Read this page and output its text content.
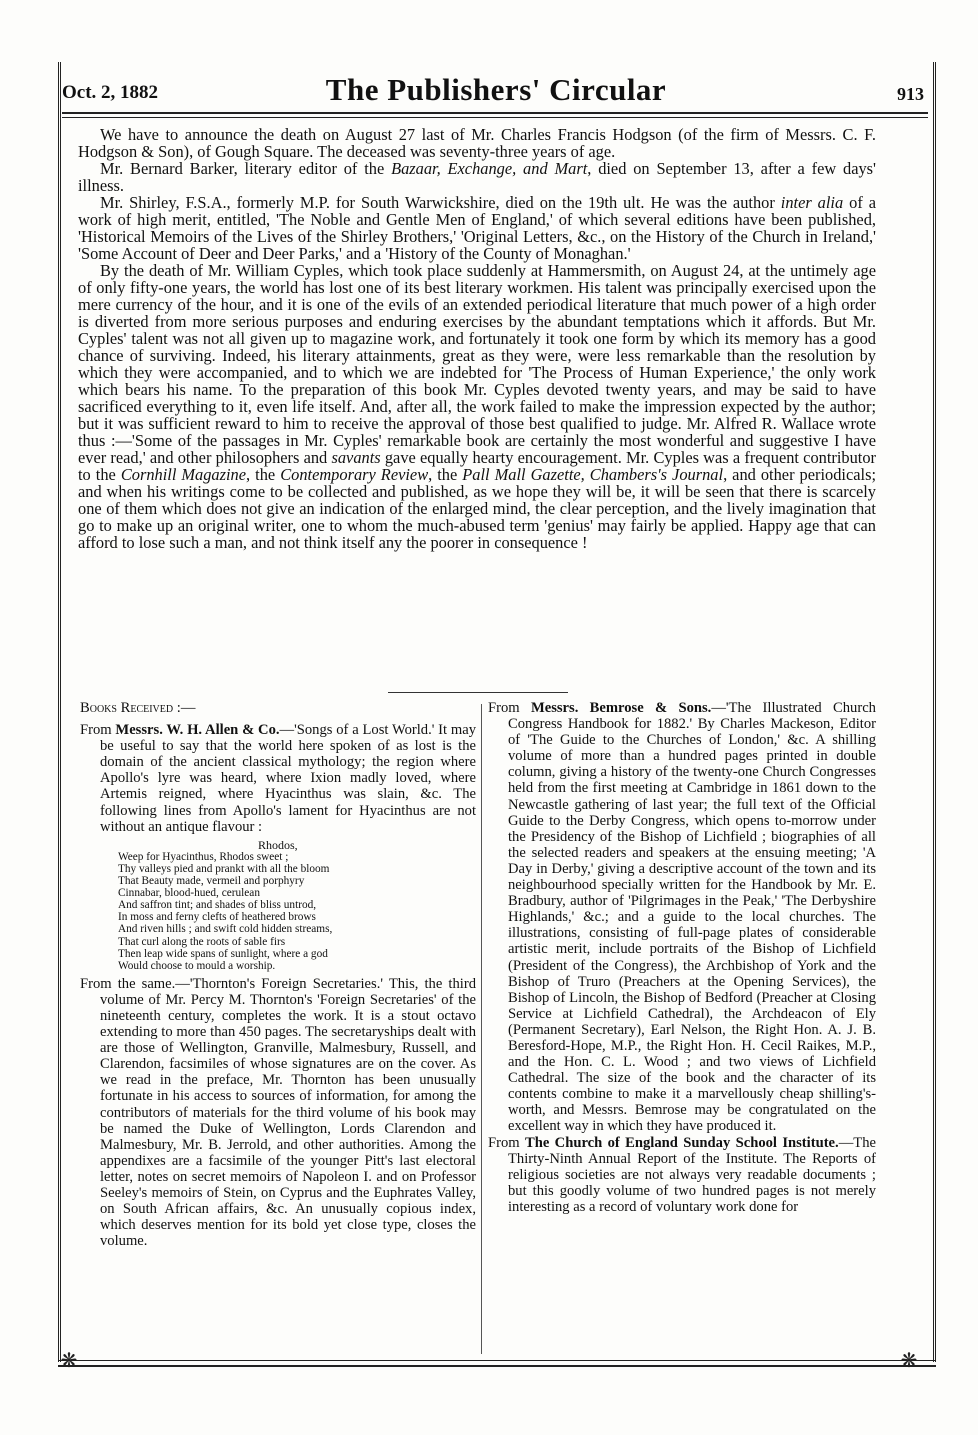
Oct. 2, 1882	The Publishers' Circular	913

We have to announce the death on August 27 last of Mr. Charles Francis Hodgson (of the firm of Messrs. C. F. Hodgson & Son), of Gough Square. The deceased was seventy-three years of age.

Mr. Bernard Barker, literary editor of the Bazaar, Exchange, and Mart, died on September 13, after a few days' illness.

Mr. Shirley, F.S.A., formerly M.P. for South Warwickshire, died on the 19th ult. He was the author inter alia of a work of high merit, entitled, 'The Noble and Gentle Men of England,' of which several editions have been published, 'Historical Memoirs of the Lives of the Shirley Brothers,' 'Original Letters, &c., on the History of the Church in Ireland,' 'Some Account of Deer and Deer Parks,' and a 'History of the County of Monaghan.'

By the death of Mr. William Cyples, which took place suddenly at Hammersmith, on August 24, at the untimely age of only fifty-one years, the world has lost one of its best literary workmen. His talent was principally exercised upon the mere currency of the hour, and it is one of the evils of an extended periodical literature that much power of a high order is diverted from more serious purposes and enduring exercises by the abundant temptations which it affords. But Mr. Cyples' talent was not all given up to magazine work, and fortunately it took one form by which its memory has a good chance of surviving. Indeed, his literary attainments, great as they were, were less remarkable than the resolution by which they were accompanied, and to which we are indebted for 'The Process of Human Experience,' the only work which bears his name. To the preparation of this book Mr. Cyples devoted twenty years, and may be said to have sacrificed everything to it, even life itself. And, after all, the work failed to make the impression expected by the author; but it was sufficient reward to him to receive the approval of those best qualified to judge. Mr. Alfred R. Wallace wrote thus :—'Some of the passages in Mr. Cyples' remarkable book are certainly the most wonderful and suggestive I have ever read,' and other philosophers and savants gave equally hearty encouragement. Mr. Cyples was a frequent contributor to the Cornhill Magazine, the Contemporary Review, the Pall Mall Gazette, Chambers's Journal, and other periodicals; and when his writings come to be collected and published, as we hope they will be, it will be seen that there is scarcely one of them which does not give an indication of the enlarged mind, the clear perception, and the lively imagination that go to make up an original writer, one to whom the much-abused term 'genius' may fairly be applied. Happy age that can afford to lose such a man, and not think itself any the poorer in consequence !

Books Received :—

From Messrs. W. H. Allen & Co.—'Songs of a Lost World.' It may be useful to say that the world here spoken of as lost is the domain of the ancient classical mythology; the region where Apollo's lyre was heard, where Ixion madly loved, where Artemis reigned, where Hyacinthus was slain, &c. The following lines from Apollo's lament for Hyacinthus are not without an antique flavour :

Rhodos,
Weep for Hyacinthus, Rhodos sweet ;
Thy valleys pied and prankt with all the bloom
That Beauty made, vermeil and porphyry
Cinnabar, blood-hued, cerulean
And saffron tint; and shades of bliss untrod,
In moss and ferny clefts of heathered brows
And riven hills ; and swift cold hidden streams,
That curl along the roots of sable firs
Then leap wide spans of sunlight, where a god
Would choose to mould a worship.

From the same.—'Thornton's Foreign Secretaries.' This, the third volume of Mr. Percy M. Thornton's 'Foreign Secretaries' of the nineteenth century, completes the work. It is a stout octavo extending to more than 450 pages. The secretaryships dealt with are those of Wellington, Granville, Malmesbury, Russell, and Clarendon, facsimiles of whose signatures are on the cover. As we read in the preface, Mr. Thornton has been unusually fortunate in his access to sources of information, for among the contributors of materials for the third volume of his book may be named the Duke of Wellington, Lords Clarendon and Malmesbury, Mr. B. Jerrold, and other authorities. Among the appendixes are a facsimile of the younger Pitt's last electoral letter, notes on secret memoirs of Napoleon I. and on Professor Seeley's memoirs of Stein, on Cyprus and the Euphrates Valley, on South African affairs, &c. An unusually copious index, which deserves mention for its bold yet close type, closes the volume.

From Messrs. Bemrose & Sons.—'The Illustrated Church Congress Handbook for 1882.' By Charles Mackeson, Editor of 'The Guide to the Churches of London,' &c. A shilling volume of more than a hundred pages printed in double column, giving a history of the twenty-one Church Congresses held from the first meeting at Cambridge in 1861 down to the Newcastle gathering of last year; the full text of the Official Guide to the Derby Congress, which opens to-morrow under the Presidency of the Bishop of Lichfield ; biographies of all the selected readers and speakers at the ensuing meeting; 'A Day in Derby,' giving a descriptive account of the town and its neighbourhood specially written for the Handbook by Mr. E. Bradbury, author of 'Pilgrimages in the Peak,' 'The Derbyshire Highlands,' &c.; and a guide to the local churches. The illustrations, consisting of full-page plates of considerable artistic merit, include portraits of the Bishop of Lichfield (President of the Congress), the Archbishop of York and the Bishop of Truro (Preachers at the Opening Services), the Bishop of Lincoln, the Bishop of Bedford (Preacher at Closing Service at Lichfield Cathedral), the Archdeacon of Ely (Permanent Secretary), Earl Nelson, the Right Hon. A. J. B. Beresford-Hope, M.P., the Right Hon. H. Cecil Raikes, M.P., and the Hon. C. L. Wood ; and two views of Lichfield Cathedral. The size of the book and the character of its contents combine to make it a marvellously cheap shilling's-worth, and Messrs. Bemrose may be congratulated on the excellent way in which they have produced it.

From The Church of England Sunday School Institute.—The Thirty-Ninth Annual Report of the Institute. The Reports of religious societies are not always very readable documents ; but this goodly volume of two hundred pages is not merely interesting as a record of voluntary work done for

❋	❋
